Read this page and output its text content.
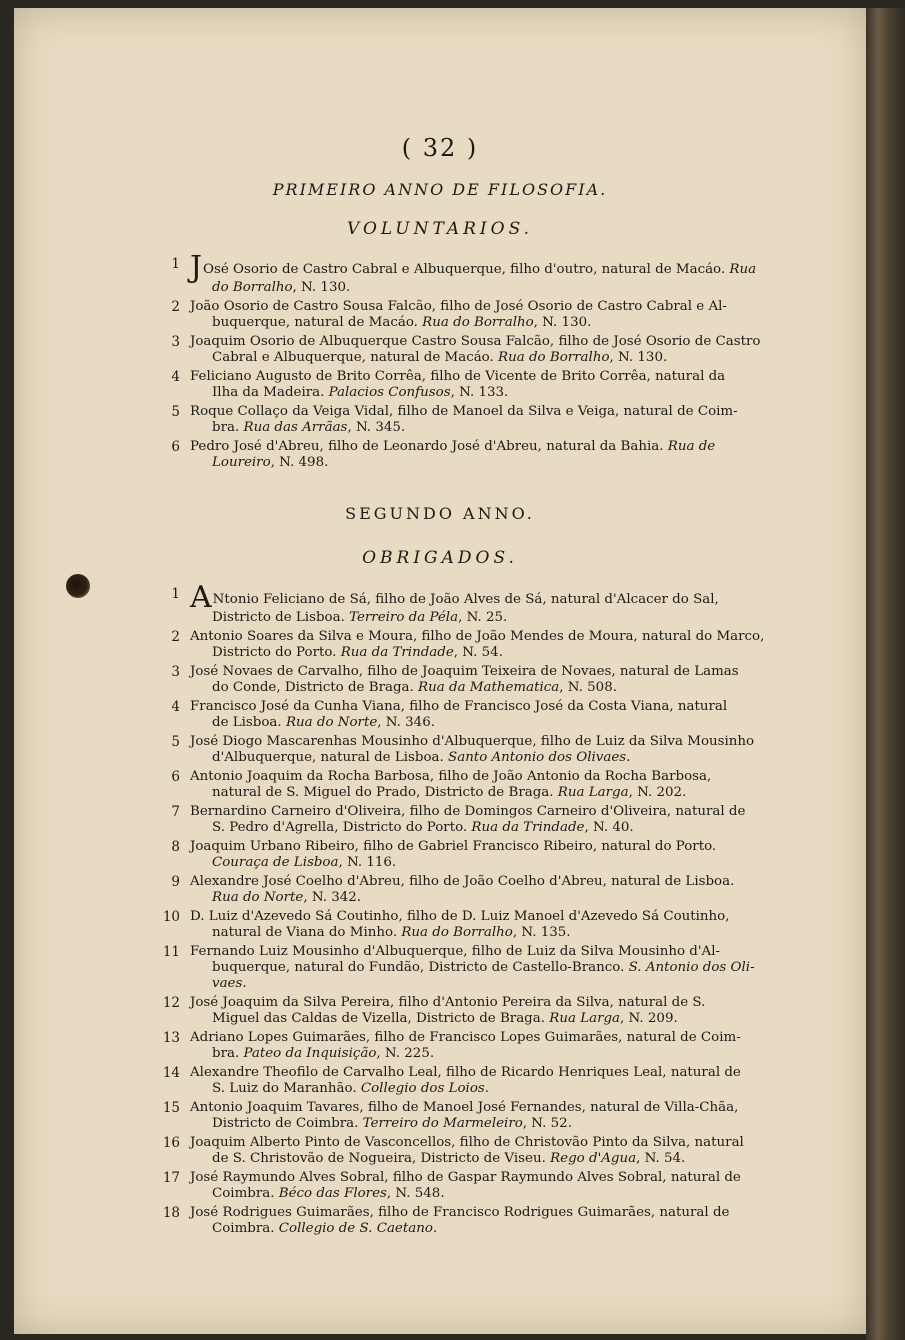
( 32 )
PRIMEIRO ANNO DE FILOSOFIA.
VOLUNTARIOS.
1 JOsé Osorio de Castro Cabral e Albuquerque, filho d'outro, natural de Macáo. Rua
do Borralho, N. 130.
2 João Osorio de Castro Sousa Falcão, filho de José Osorio de Castro Cabral e Al-
buquerque, natural de Macáo. Rua do Borralho, N. 130.
3 Joaquim Osorio de Albuquerque Castro Sousa Falcão, filho de José Osorio de Castro
Cabral e Albuquerque, natural de Macáo. Rua do Borralho, N. 130.
4 Feliciano Augusto de Brito Corrêa, filho de Vicente de Brito Corrêa, natural da
Ilha da Madeira. Palacios Confusos, N. 133.
5 Roque Collaço da Veiga Vidal, filho de Manoel da Silva e Veiga, natural de Coim-
bra. Rua das Arrãas, N. 345.
6 Pedro José d'Abreu, filho de Leonardo José d'Abreu, natural da Bahia. Rua de
Loureiro, N. 498.
SEGUNDO ANNO.
OBRIGADOS.
1 ANtonio Feliciano de Sá, filho de João Alves de Sá, natural d'Alcacer do Sal,
Districto de Lisboa. Terreiro da Péla, N. 25.
2 Antonio Soares da Silva e Moura, filho de João Mendes de Moura, natural do Marco,
Districto do Porto. Rua da Trindade, N. 54.
3 José Novaes de Carvalho, filho de Joaquim Teixeira de Novaes, natural de Lamas
do Conde, Districto de Braga. Rua da Mathematica, N. 508.
4 Francisco José da Cunha Viana, filho de Francisco José da Costa Viana, natural
de Lisboa. Rua do Norte, N. 346.
5 José Diogo Mascarenhas Mousinho d'Albuquerque, filho de Luiz da Silva Mousinho
d'Albuquerque, natural de Lisboa. Santo Antonio dos Olivaes.
6 Antonio Joaquim da Rocha Barbosa, filho de João Antonio da Rocha Barbosa,
natural de S. Miguel do Prado, Districto de Braga. Rua Larga, N. 202.
7 Bernardino Carneiro d'Oliveira, filho de Domingos Carneiro d'Oliveira, natural de
S. Pedro d'Agrella, Districto do Porto. Rua da Trindade, N. 40.
8 Joaquim Urbano Ribeiro, filho de Gabriel Francisco Ribeiro, natural do Porto.
Couraça de Lisboa, N. 116.
9 Alexandre José Coelho d'Abreu, filho de João Coelho d'Abreu, natural de Lisboa.
Rua do Norte, N. 342.
10 D. Luiz d'Azevedo Sá Coutinho, filho de D. Luiz Manoel d'Azevedo Sá Coutinho,
natural de Viana do Minho. Rua do Borralho, N. 135.
11 Fernando Luiz Mousinho d'Albuquerque, filho de Luiz da Silva Mousinho d'Al-
buquerque, natural do Fundão, Districto de Castello-Branco. S. Antonio dos Oli-
vaes.
12 José Joaquim da Silva Pereira, filho d'Antonio Pereira da Silva, natural de S.
Miguel das Caldas de Vizella, Districto de Braga. Rua Larga, N. 209.
13 Adriano Lopes Guimarães, filho de Francisco Lopes Guimarães, natural de Coim-
bra. Pateo da Inquisição, N. 225.
14 Alexandre Theofilo de Carvalho Leal, filho de Ricardo Henriques Leal, natural de
S. Luiz do Maranhão. Collegio dos Loios.
15 Antonio Joaquim Tavares, filho de Manoel José Fernandes, natural de Villa-Chãa,
Districto de Coimbra. Terreiro do Marmeleiro, N. 52.
16 Joaquim Alberto Pinto de Vasconcellos, filho de Christovão Pinto da Silva, natural
de S. Christovão de Nogueira, Districto de Viseu. Rego d'Agua, N. 54.
17 José Raymundo Alves Sobral, filho de Gaspar Raymundo Alves Sobral, natural de
Coimbra. Béco das Flores, N. 548.
18 José Rodrigues Guimarães, filho de Francisco Rodrigues Guimarães, natural de
Coimbra. Collegio de S. Caetano.
